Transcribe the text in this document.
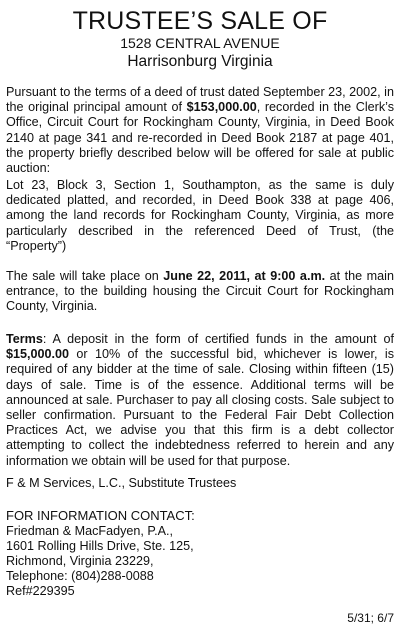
TRUSTEE’S SALE OF

1528 CENTRAL AVENUE

Harrisonburg Virginia

Pursuant to the terms of a deed of trust dated September 23, 2002, in the original principal amount of $153,000.00, recorded in the Clerk’s Office, Circuit Court for Rockingham County, Virginia, in Deed Book 2140 at page 341 and re-recorded in Deed Book 2187 at page 401, the property briefly described below will be offered for sale at public auction:

Lot 23, Block 3, Section 1, Southampton, as the same is duly dedicated platted, and recorded, in Deed Book 338 at page 406, among the land records for Rockingham County, Virginia, as more particularly described in the referenced Deed of Trust, (the “Property”)

The sale will take place on June 22, 2011, at 9:00 a.m. at the main entrance, to the building housing the Circuit Court for Rockingham County, Virginia.

Terms: A deposit in the form of certified funds in the amount of $15,000.00 or 10% of the successful bid, whichever is lower, is required of any bidder at the time of sale. Closing within fifteen (15) days of sale. Time is of the essence. Additional terms will be announced at sale. Purchaser to pay all closing costs. Sale subject to seller confirmation. Pursuant to the Federal Fair Debt Collection Practices Act, we advise you that this firm is a debt collector attempting to collect the indebtedness referred to herein and any information we obtain will be used for that purpose.

F & M Services, L.C., Substitute Trustees

FOR INFORMATION CONTACT:
Friedman & MacFadyen, P.A.,
1601 Rolling Hills Drive, Ste. 125,
Richmond, Virginia 23229,
Telephone: (804)288-0088
Ref#229395
5/31; 6/7
